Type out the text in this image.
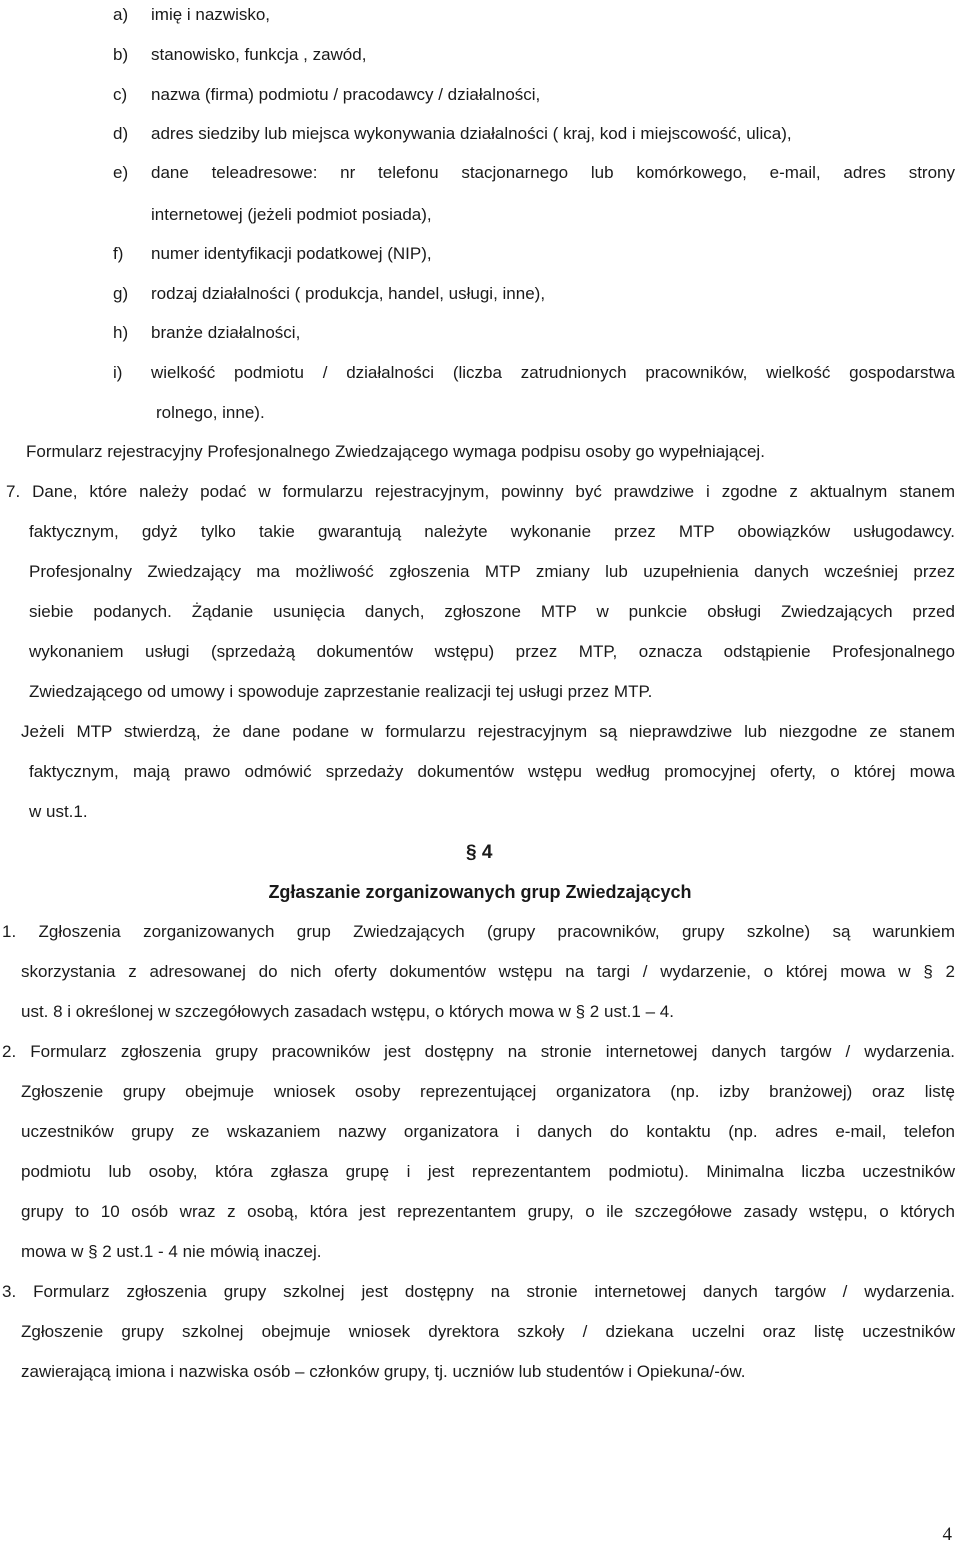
a) imię i nazwisko,
b) stanowisko, funkcja , zawód,
c) nazwa (firma) podmiotu / pracodawcy / działalności,
d) adres siedziby lub miejsca wykonywania działalności ( kraj, kod i miejscowość, ulica),
e) dane teleadresowe: nr telefonu stacjonarnego lub komórkowego, e-mail, adres strony
internetowej (jeżeli podmiot posiada),
f) numer identyfikacji podatkowej (NIP),
g) rodzaj działalności ( produkcja, handel, usługi, inne),
h) branże działalności,
i) wielkość podmiotu / działalności (liczba zatrudnionych pracowników, wielkość gospodarstwa
rolnego, inne).
Formularz rejestracyjny Profesjonalnego Zwiedzającego wymaga podpisu osoby go wypełniającej.
7. Dane, które należy podać w formularzu rejestracyjnym, powinny być prawdziwe i zgodne z aktualnym stanem
faktycznym, gdyż tylko takie gwarantują należyte wykonanie przez MTP obowiązków usługodawcy.
Profesjonalny Zwiedzający ma możliwość zgłoszenia MTP zmiany lub uzupełnienia danych wcześniej przez
siebie podanych. Żądanie usunięcia danych, zgłoszone MTP w punkcie obsługi Zwiedzających przed
wykonaniem usługi (sprzedażą dokumentów wstępu) przez MTP, oznacza odstąpienie Profesjonalnego
Zwiedzającego od umowy i spowoduje zaprzestanie realizacji tej usługi przez MTP.
Jeżeli MTP stwierdzą, że dane podane w formularzu rejestracyjnym są nieprawdziwe lub niezgodne ze stanem
faktycznym, mają prawo odmówić sprzedaży dokumentów wstępu według promocyjnej oferty, o której mowa
w ust.1.
§ 4
Zgłaszanie zorganizowanych grup Zwiedzających
1. Zgłoszenia zorganizowanych grup Zwiedzających (grupy pracowników, grupy szkolne) są warunkiem
skorzystania z adresowanej do nich oferty dokumentów wstępu na targi / wydarzenie, o której mowa w § 2
ust. 8 i określonej w szczegółowych zasadach wstępu, o których mowa w § 2 ust.1 – 4.
2. Formularz zgłoszenia grupy pracowników jest dostępny na stronie internetowej danych targów / wydarzenia.
Zgłoszenie grupy obejmuje wniosek osoby reprezentującej organizatora (np. izby branżowej) oraz listę
uczestników grupy ze wskazaniem nazwy organizatora i danych do kontaktu (np. adres e-mail, telefon
podmiotu lub osoby, która zgłasza grupę i jest reprezentantem podmiotu). Minimalna liczba uczestników
grupy to 10 osób wraz z osobą, która jest reprezentantem grupy, o ile szczegółowe zasady wstępu, o których
mowa w § 2 ust.1 - 4 nie mówią inaczej.
3. Formularz zgłoszenia grupy szkolnej jest dostępny na stronie internetowej danych targów / wydarzenia.
Zgłoszenie grupy szkolnej obejmuje wniosek dyrektora szkoły / dziekana uczelni oraz listę uczestników
zawierającą imiona i nazwiska osób – członków grupy, tj. uczniów lub studentów i Opiekuna/-ów.
4
